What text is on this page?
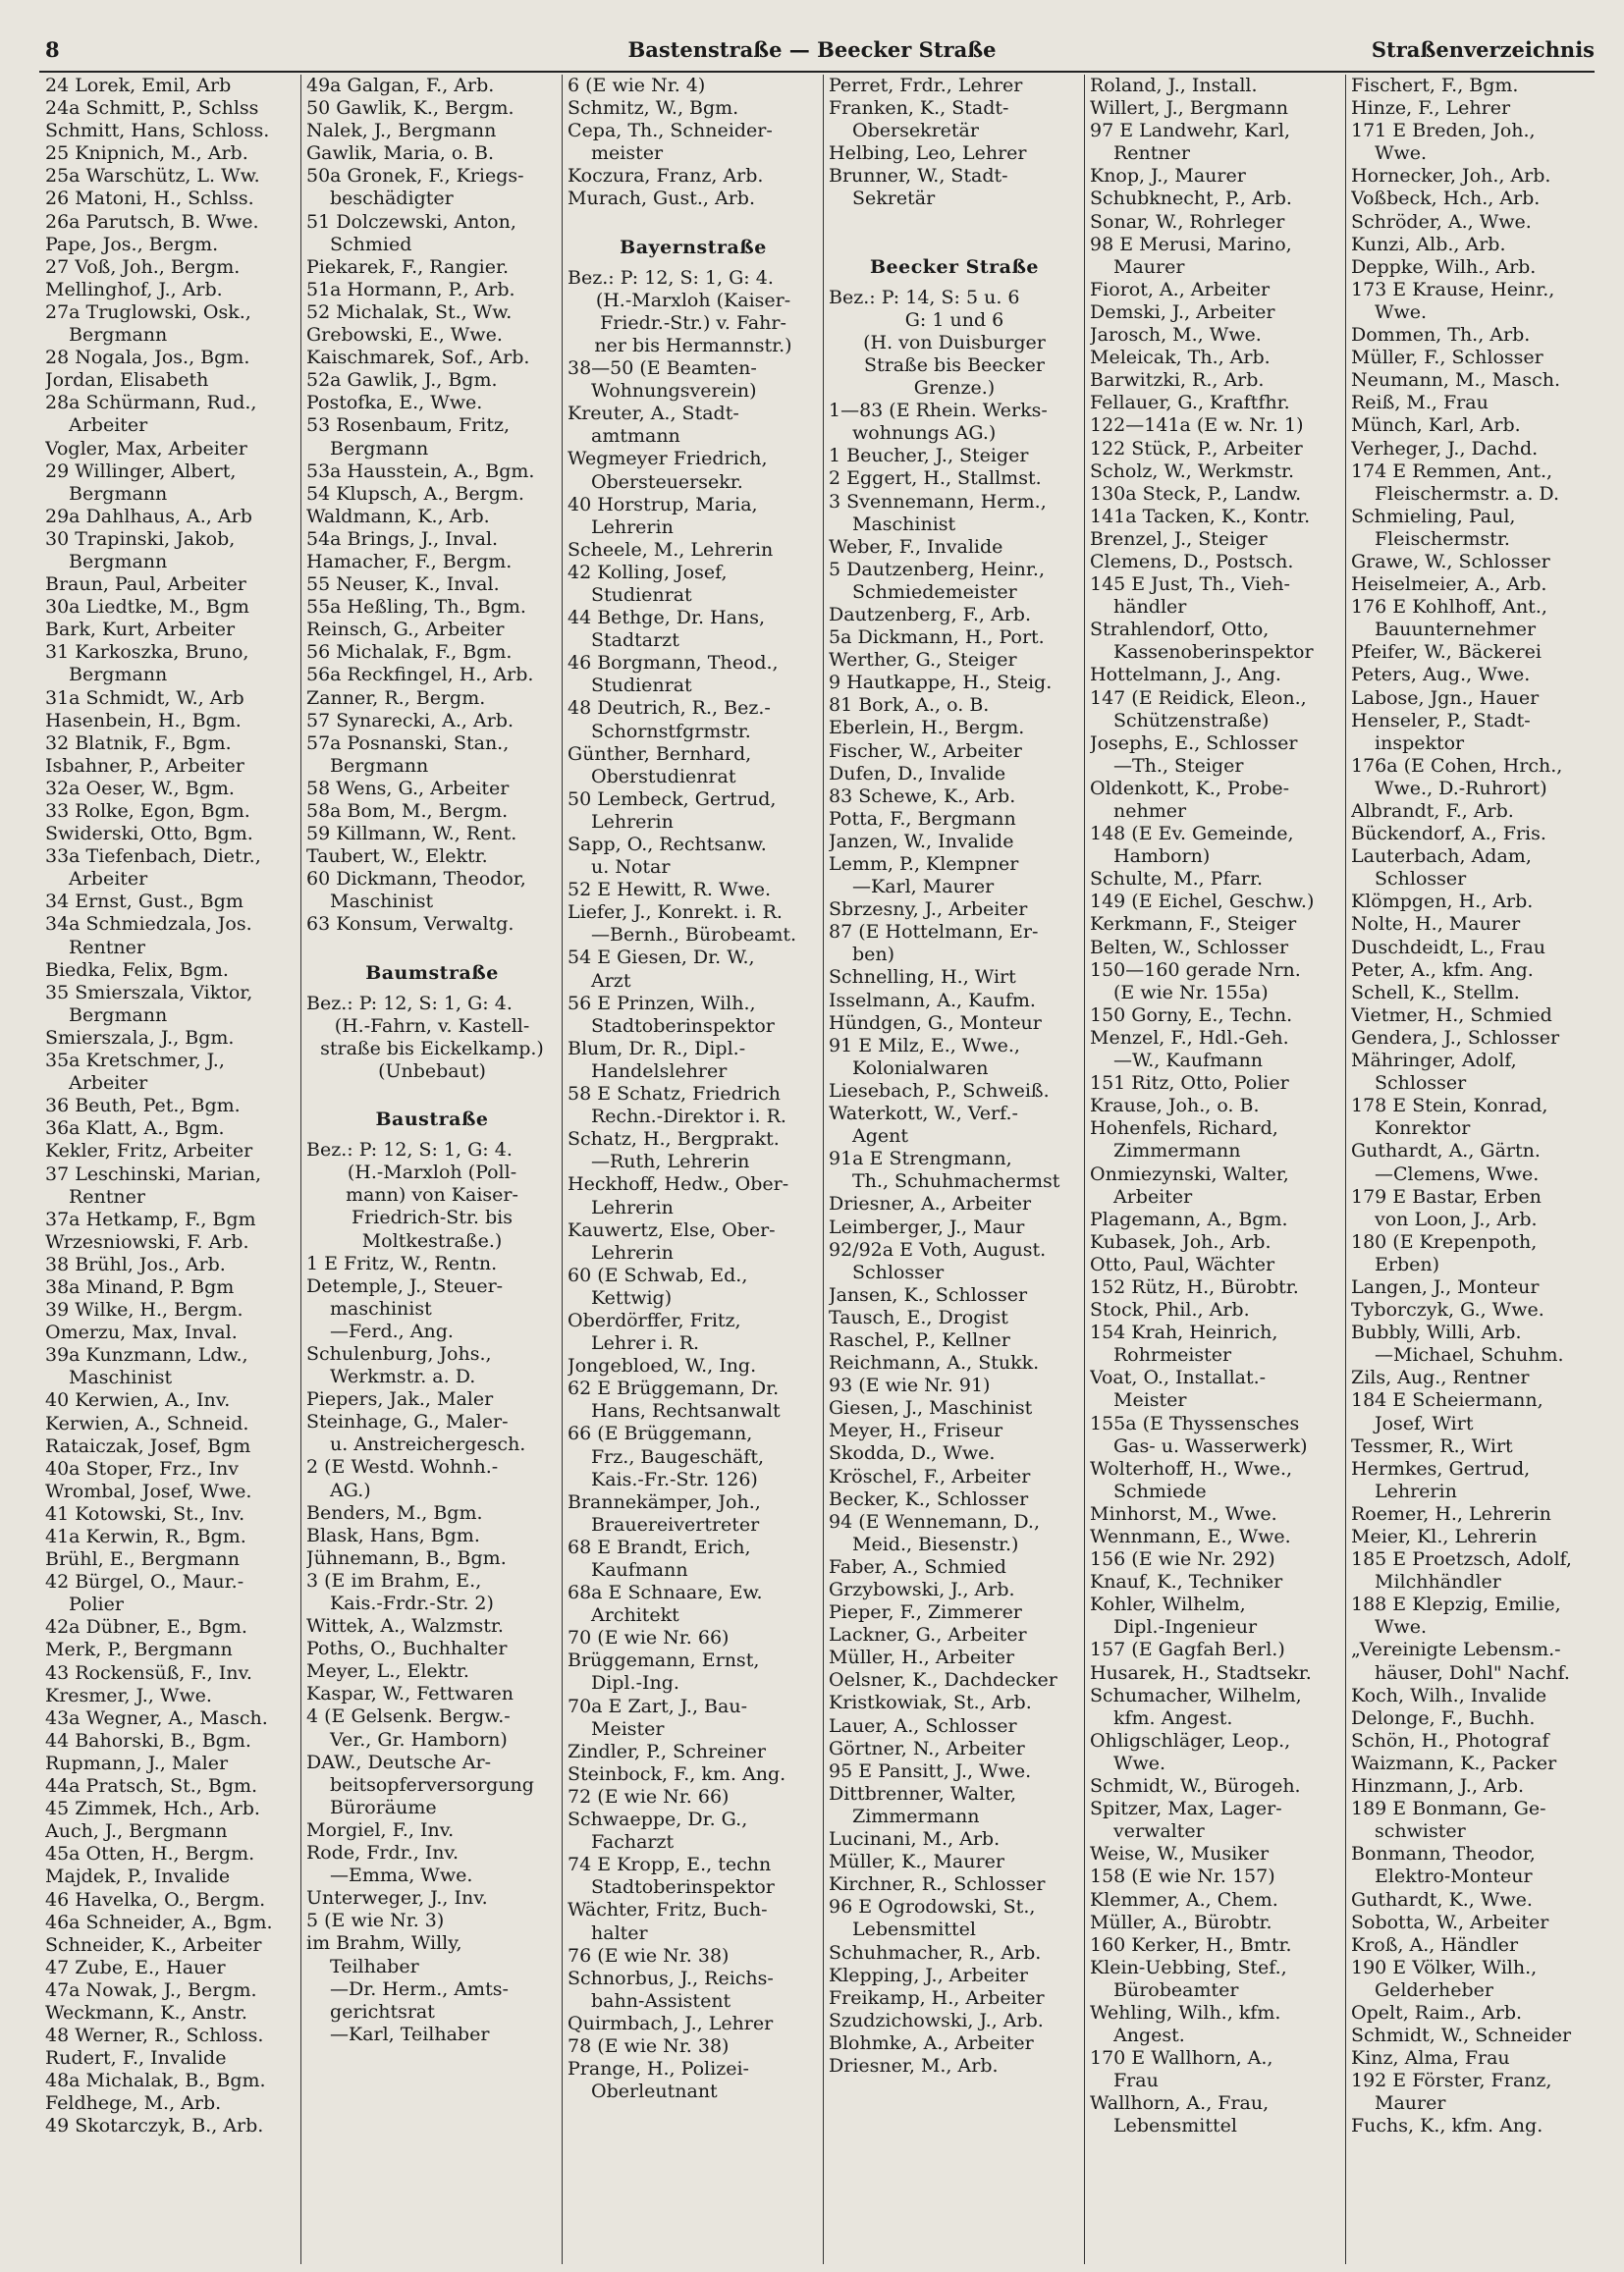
8	Bastenstraße — Beecker Straße	Straßenverzeichnis
24 Lorek, Emil, Arb
24a Schmitt, P., Schlss
Schmitt, Hans, Schloss.
25 Knipnich, M., Arb.
25a Warschütz, L. Ww.
26 Matoni, H., Schlss.
26a Parutsch, B. Wwe.
Pape, Jos., Bergm.
27 Voß, Joh., Bergm.
Mellinghof, J., Arb.
27a Truglowski, Osk.,
Bergmann
28 Nogala, Jos., Bgm.
Jordan, Elisabeth
28a Schürmann, Rud.,
Arbeiter
Vogler, Max, Arbeiter
29 Willinger, Albert,
Bergmann
29a Dahlhaus, A., Arb
30 Trapinski, Jakob,
Bergmann
Braun, Paul, Arbeiter
30a Liedtke, M., Bgm
Bark, Kurt, Arbeiter
31 Karkoszka, Bruno,
Bergmann
31a Schmidt, W., Arb
Hasenbein, H., Bgm.
32 Blatnik, F., Bgm.
Isbahner, P., Arbeiter
32a Oeser, W., Bgm.
33 Rolke, Egon, Bgm.
Swiderski, Otto, Bgm.
33a Tiefenbach, Dietr.,
Arbeiter
34 Ernst, Gust., Bgm
34a Schmiedzala, Jos.
Rentner
Biedka, Felix, Bgm.
35 Smierszala, Viktor,
Bergmann
Smierszala, J., Bgm.
35a Kretschmer, J.,
Arbeiter
36 Beuth, Pet., Bgm.
36a Klatt, A., Bgm.
Kekler, Fritz, Arbeiter
37 Leschinski, Marian,
Rentner
37a Hetkamp, F., Bgm
Wrzesniowski, F. Arb.
38 Brühl, Jos., Arb.
38a Minand, P. Bgm
39 Wilke, H., Bergm.
Omerzu, Max, Inval.
39a Kunzmann, Ldw.,
Maschinist
40 Kerwien, A., Inv.
Kerwien, A., Schneid.
Rataiczak, Josef, Bgm
40a Stoper, Frz., Inv
Wrombal, Josef, Wwe.
41 Kotowski, St., Inv.
41a Kerwin, R., Bgm.
Brühl, E., Bergmann
42 Bürgel, O., Maur.-
Polier
42a Dübner, E., Bgm.
Merk, P., Bergmann
43 Rockensüß, F., Inv.
Kresmer, J., Wwe.
43a Wegner, A., Masch.
44 Bahorski, B., Bgm.
Rupmann, J., Maler
44a Pratsch, St., Bgm.
45 Zimmek, Hch., Arb.
Auch, J., Bergmann
45a Otten, H., Bergm.
Majdek, P., Invalide
46 Havelka, O., Bergm.
46a Schneider, A., Bgm.
Schneider, K., Arbeiter
47 Zube, E., Hauer
47a Nowak, J., Bergm.
Weckmann, K., Anstr.
48 Werner, R., Schloss.
Rudert, F., Invalide
48a Michalak, B., Bgm.
Feldhege, M., Arb.
49 Skotarczyk, B., Arb.
49a Galgan, F., Arb.
50 Gawlik, K., Bergm.
Nalek, J., Bergmann
Gawlik, Maria, o. B.
50a Gronek, F., Kriegs-
beschädigter
51 Dolczewski, Anton,
Schmied
Piekarek, F., Rangier.
51a Hormann, P., Arb.
52 Michalak, St., Ww.
Grebowski, E., Wwe.
Kaischmarek, Sof., Arb.
52a Gawlik, J., Bgm.
Postofka, E., Wwe.
53 Rosenbaum, Fritz,
Bergmann
53a Hausstein, A., Bgm.
54 Klupsch, A., Bergm.
Waldmann, K., Arb.
54a Brings, J., Inval.
Hamacher, F., Bergm.
55 Neuser, K., Inval.
55a Heßling, Th., Bgm.
Reinsch, G., Arbeiter
56 Michalak, F., Bgm.
56a Reckfingel, H., Arb.
Zanner, R., Bergm.
57 Synarecki, A., Arb.
57a Posnanski, Stan.,
Bergmann
58 Wens, G., Arbeiter
58a Bom, M., Bergm.
59 Killmann, W., Rent.
Taubert, W., Elektr.
60 Dickmann, Theodor,
Maschinist
63 Konsum, Verwaltg.
Baumstraße
Bez.: P: 12, S: 1, G: 4.
(H.-Fahrn, v. Kastell-
straße bis Eickelkamp.)
(Unbebaut)
Baustraße
Bez.: P: 12, S: 1, G: 4.
(H.-Marxloh (Poll-
mann) von Kaiser-
Friedrich-Str. bis
Moltkestraße.)
1 E Fritz, W., Rentn.
Detemple, J., Steuer-
maschinist
—Ferd., Ang.
Schulenburg, Johs.,
Werkmstr. a. D.
Piepers, Jak., Maler
Steinhage, G., Maler-
u. Anstreichergesch.
2 (E Westd. Wohnh.-
AG.)
Benders, M., Bgm.
Blask, Hans, Bgm.
Jühnemann, B., Bgm.
3 (E im Brahm, E.,
Kais.-Frdr.-Str. 2)
Wittek, A., Walzmstr.
Poths, O., Buchhalter
Meyer, L., Elektr.
Kaspar, W., Fettwaren
4 (E Gelsenk. Bergw.-
Ver., Gr. Hamborn)
DAW., Deutsche Ar-
beitsopferversorgung
Büroräume
Morgiel, F., Inv.
Rode, Frdr., Inv.
—Emma, Wwe.
Unterweger, J., Inv.
5 (E wie Nr. 3)
im Brahm, Willy,
Teilhaber
—Dr. Herm., Amts-
gerichtsrat
—Karl, Teilhaber
6 (E wie Nr. 4)
Schmitz, W., Bgm.
Cepa, Th., Schneider-
meister
Koczura, Franz, Arb.
Murach, Gust., Arb.
Bayernstraße
Bez.: P: 12, S: 1, G: 4.
(H.-Marxloh (Kaiser-
Friedr.-Str.) v. Fahr-
ner bis Hermannstr.)
38—50 (E Beamten-
Wohnungsverein)
Kreuter, A., Stadt-
amtmann
Wegmeyer Friedrich,
Obersteuersekr.
40 Horstrup, Maria,
Lehrerin
Scheele, M., Lehrerin
42 Kolling, Josef,
Studienrat
44 Bethge, Dr. Hans,
Stadtarzt
46 Borgmann, Theod.,
Studienrat
48 Deutrich, R., Bez.-
Schornstfgrmstr.
Günther, Bernhard,
Oberstudienrat
50 Lembeck, Gertrud,
Lehrerin
Sapp, O., Rechtsanw.
u. Notar
52 E Hewitt, R. Wwe.
Liefer, J., Konrekt. i. R.
—Bernh., Bürobeamt.
54 E Giesen, Dr. W.,
Arzt
56 E Prinzen, Wilh.,
Stadtoberinspektor
Blum, Dr. R., Dipl.-
Handelslehrer
58 E Schatz, Friedrich
Rechn.-Direktor i. R.
Schatz, H., Bergprakt.
—Ruth, Lehrerin
Heckhoff, Hedw., Ober-
Lehrerin
Kauwertz, Else, Ober-
Lehrerin
60 (E Schwab, Ed.,
Kettwig)
Oberdörffer, Fritz,
Lehrer i. R.
Jongebloed, W., Ing.
62 E Brüggemann, Dr.
Hans, Rechtsanwalt
66 (E Brüggemann,
Frz., Baugeschäft,
Kais.-Fr.-Str. 126)
Brannekämper, Joh.,
Brauereivertreter
68 E Brandt, Erich,
Kaufmann
68a E Schnaare, Ew.
Architekt
70 (E wie Nr. 66)
Brüggemann, Ernst,
Dipl.-Ing.
70a E Zart, J., Bau-
Meister
Zindler, P., Schreiner
Steinbock, F., km. Ang.
72 (E wie Nr. 66)
Schwaeppe, Dr. G.,
Facharzt
74 E Kropp, E., techn
Stadtoberinspektor
Wächter, Fritz, Buch-
halter
76 (E wie Nr. 38)
Schnorbus, J., Reichs-
bahn-Assistent
Quirmbach, J., Lehrer
78 (E wie Nr. 38)
Prange, H., Polizei-
Oberleutnant
Perret, Frdr., Lehrer
Franken, K., Stadt-
Obersekretär
Helbing, Leo, Lehrer
Brunner, W., Stadt-
Sekretär
Beecker Straße
Bez.: P: 14, S: 5 u. 6
G: 1 und 6
(H. von Duisburger
Straße bis Beecker
Grenze.)
1—83 (E Rhein. Werks-
wohnungs AG.)
1 Beucher, J., Steiger
2 Eggert, H., Stallmst.
3 Svennemann, Herm.,
Maschinist
Weber, F., Invalide
5 Dautzenberg, Heinr.,
Schmiedemeister
Dautzenberg, F., Arb.
5a Dickmann, H., Port.
Werther, G., Steiger
9 Hautkappe, H., Steig.
81 Bork, A., o. B.
Eberlein, H., Bergm.
Fischer, W., Arbeiter
Dufen, D., Invalide
83 Schewe, K., Arb.
Potta, F., Bergmann
Janzen, W., Invalide
Lemm, P., Klempner
—Karl, Maurer
Sbrzesny, J., Arbeiter
87 (E Hottelmann, Er-
ben)
Schnelling, H., Wirt
Isselmann, A., Kaufm.
Hündgen, G., Monteur
91 E Milz, E., Wwe.,
Kolonialwaren
Liesebach, P., Schweiß.
Waterkott, W., Verf.-
Agent
91a E Strengmann,
Th., Schuhmachermst
Driesner, A., Arbeiter
Leimberger, J., Maur
92/92a E Voth, August.
Schlosser
Jansen, K., Schlosser
Tausch, E., Drogist
Raschel, P., Kellner
Reichmann, A., Stukk.
93 (E wie Nr. 91)
Giesen, J., Maschinist
Meyer, H., Friseur
Skodda, D., Wwe.
Kröschel, F., Arbeiter
Becker, K., Schlosser
94 (E Wennemann, D.,
Meid., Biesenstr.)
Faber, A., Schmied
Grzybowski, J., Arb.
Pieper, F., Zimmerer
Lackner, G., Arbeiter
Müller, H., Arbeiter
Oelsner, K., Dachdecker
Kristkowiak, St., Arb.
Lauer, A., Schlosser
Görtner, N., Arbeiter
95 E Pansitt, J., Wwe.
Dittbrenner, Walter,
Zimmermann
Lucinani, M., Arb.
Müller, K., Maurer
Kirchner, R., Schlosser
96 E Ogrodowski, St.,
Lebensmittel
Schuhmacher, R., Arb.
Klepping, J., Arbeiter
Freikamp, H., Arbeiter
Szudzichowski, J., Arb.
Blohmke, A., Arbeiter
Driesner, M., Arb.
Roland, J., Install.
Willert, J., Bergmann
97 E Landwehr, Karl,
Rentner
Knop, J., Maurer
Schubknecht, P., Arb.
Sonar, W., Rohrleger
98 E Merusi, Marino,
Maurer
Fiorot, A., Arbeiter
Demski, J., Arbeiter
Jarosch, M., Wwe.
Meleicak, Th., Arb.
Barwitzki, R., Arb.
Fellauer, G., Kraftfhr.
122—141a (E w. Nr. 1)
122 Stück, P., Arbeiter
Scholz, W., Werkmstr.
130a Steck, P., Landw.
141a Tacken, K., Kontr.
Brenzel, J., Steiger
Clemens, D., Postsch.
145 E Just, Th., Vieh-
händler
Strahlendorf, Otto,
Kassenoberinspektor
Hottelmann, J., Ang.
147 (E Reidick, Eleon.,
Schützenstraße)
Josephs, E., Schlosser
—Th., Steiger
Oldenkott, K., Probe-
nehmer
148 (E Ev. Gemeinde,
Hamborn)
Schulte, M., Pfarr.
149 (E Eichel, Geschw.)
Kerkmann, F., Steiger
Belten, W., Schlosser
150—160 gerade Nrn.
(E wie Nr. 155a)
150 Gorny, E., Techn.
Menzel, F., Hdl.-Geh.
—W., Kaufmann
151 Ritz, Otto, Polier
Krause, Joh., o. B.
Hohenfels, Richard,
Zimmermann
Onmiezynski, Walter,
Arbeiter
Plagemann, A., Bgm.
Kubasek, Joh., Arb.
Otto, Paul, Wächter
152 Rütz, H., Bürobtr.
Stock, Phil., Arb.
154 Krah, Heinrich,
Rohrmeister
Voat, O., Installat.-
Meister
155a (E Thyssensches
Gas- u. Wasserwerk)
Wolterhoff, H., Wwe.,
Schmiede
Minhorst, M., Wwe.
Wennmann, E., Wwe.
156 (E wie Nr. 292)
Knauf, K., Techniker
Kohler, Wilhelm,
Dipl.-Ingenieur
157 (E Gagfah Berl.)
Husarek, H., Stadtsekr.
Schumacher, Wilhelm,
kfm. Angest.
Ohligschläger, Leop.,
Wwe.
Schmidt, W., Bürogeh.
Spitzer, Max, Lager-
verwalter
Weise, W., Musiker
158 (E wie Nr. 157)
Klemmer, A., Chem.
Müller, A., Bürobtr.
160 Kerker, H., Bmtr.
Klein-Uebbing, Stef.,
Bürobeamter
Wehling, Wilh., kfm.
Angest.
170 E Wallhorn, A.,
Frau
Wallhorn, A., Frau,
Lebensmittel
Fischert, F., Bgm.
Hinze, F., Lehrer
171 E Breden, Joh.,
Wwe.
Hornecker, Joh., Arb.
Voßbeck, Hch., Arb.
Schröder, A., Wwe.
Kunzi, Alb., Arb.
Deppke, Wilh., Arb.
173 E Krause, Heinr.,
Wwe.
Dommen, Th., Arb.
Müller, F., Schlosser
Neumann, M., Masch.
Reiß, M., Frau
Münch, Karl, Arb.
Verheger, J., Dachd.
174 E Remmen, Ant.,
Fleischermstr. a. D.
Schmieling, Paul,
Fleischermstr.
Grawe, W., Schlosser
Heiselmeier, A., Arb.
176 E Kohlhoff, Ant.,
Bauunternehmer
Pfeifer, W., Bäckerei
Peters, Aug., Wwe.
Labose, Jgn., Hauer
Henseler, P., Stadt-
inspektor
176a (E Cohen, Hrch.,
Wwe., D.-Ruhrort)
Albrandt, F., Arb.
Bückendorf, A., Fris.
Lauterbach, Adam,
Schlosser
Klömpgen, H., Arb.
Nolte, H., Maurer
Duschdeidt, L., Frau
Peter, A., kfm. Ang.
Schell, K., Stellm.
Vietmer, H., Schmied
Gendera, J., Schlosser
Mähringer, Adolf,
Schlosser
178 E Stein, Konrad,
Konrektor
Guthardt, A., Gärtn.
—Clemens, Wwe.
179 E Bastar, Erben
von Loon, J., Arb.
180 (E Krepenpoth,
Erben)
Langen, J., Monteur
Tyborczyk, G., Wwe.
Bubbly, Willi, Arb.
—Michael, Schuhm.
Zils, Aug., Rentner
184 E Scheiermann,
Josef, Wirt
Tessmer, R., Wirt
Hermkes, Gertrud,
Lehrerin
Roemer, H., Lehrerin
Meier, Kl., Lehrerin
185 E Proetzsch, Adolf,
Milchhändler
188 E Klepzig, Emilie,
Wwe.
„Vereinigte Lebensm.-
häuser, Dohl" Nachf.
Koch, Wilh., Invalide
Delonge, F., Buchh.
Schön, H., Photograf
Waizmann, K., Packer
Hinzmann, J., Arb.
189 E Bonmann, Ge-
schwister
Bonmann, Theodor,
Elektro-Monteur
Guthardt, K., Wwe.
Sobotta, W., Arbeiter
Kroß, A., Händler
190 E Völker, Wilh.,
Gelderheber
Opelt, Raim., Arb.
Schmidt, W., Schneider
Kinz, Alma, Frau
192 E Förster, Franz,
Maurer
Fuchs, K., kfm. Ang.
